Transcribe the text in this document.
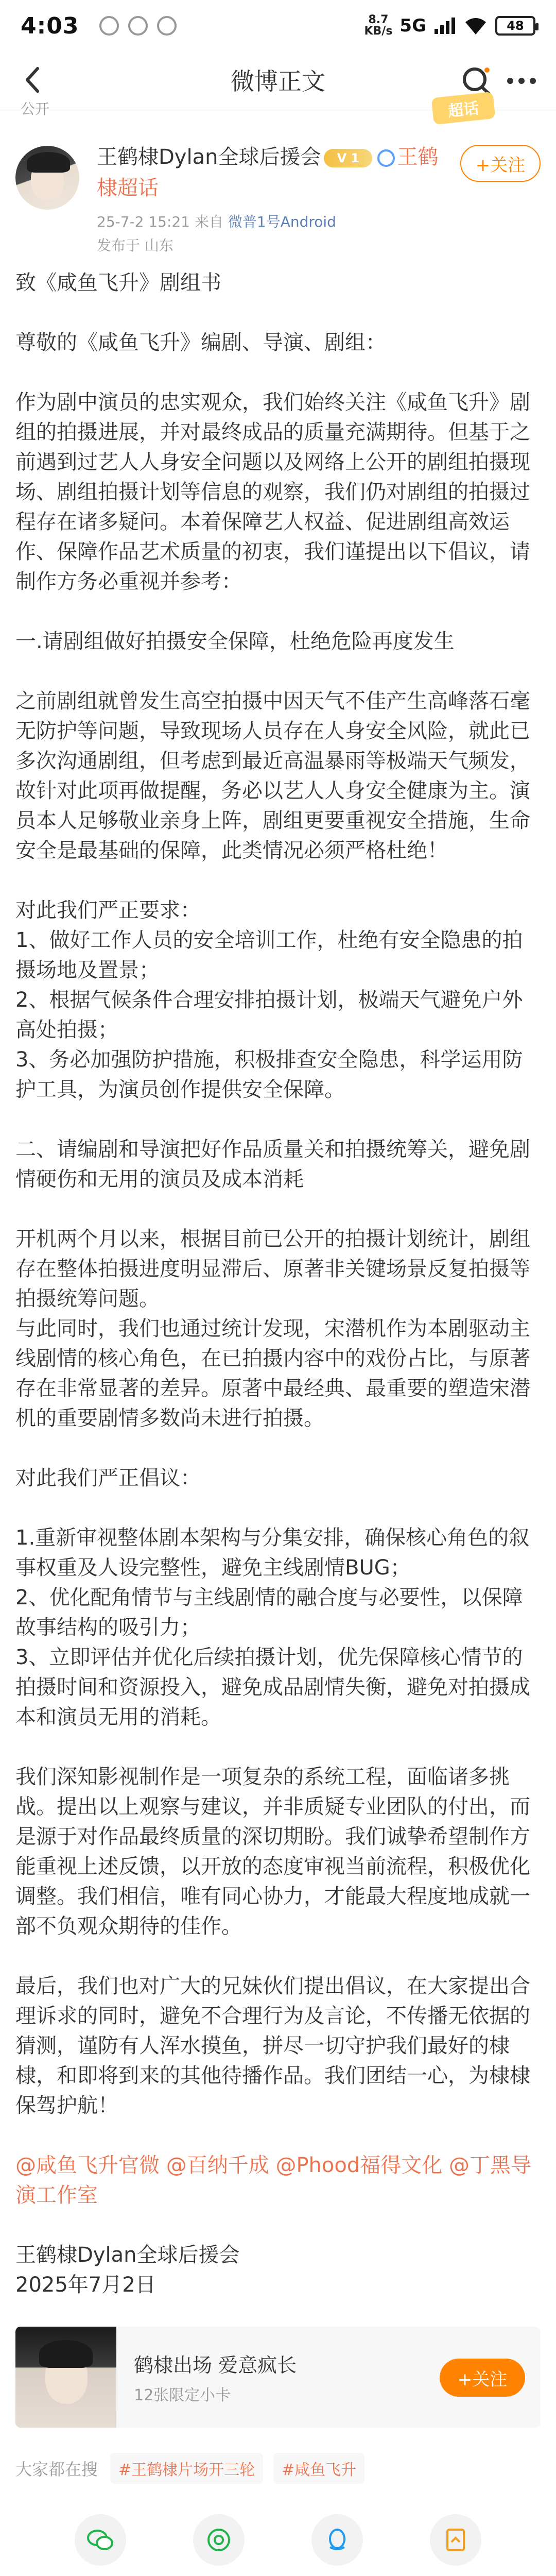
4:03	8.7
KB/s 5G	48
微博正文
公开	超话
王鹤棣Dylan全球后援会 V 1 王鹤
棣超话
25-7-2 15:21 来自 微普1号Android
发布于 山东
+关注

致《咸鱼飞升》剧组书

尊敬的《咸鱼飞升》编剧、导演、剧组：

作为剧中演员的忠实观众，我们始终关注《咸鱼飞升》剧组的拍摄进展，并对最终成品的质量充满期待。但基于之前遇到过艺人人身安全问题以及网络上公开的剧组拍摄现场、剧组拍摄计划等信息的观察，我们仍对剧组的拍摄过程存在诸多疑问。本着保障艺人权益、促进剧组高效运作、保障作品艺术质量的初衷，我们谨提出以下倡议，请制作方务必重视并参考：

一.请剧组做好拍摄安全保障，杜绝危险再度发生

之前剧组就曾发生高空拍摄中因天气不佳产生高峰落石毫无防护等问题，导致现场人员存在人身安全风险，就此已多次沟通剧组，但考虑到最近高温暴雨等极端天气频发，故针对此项再做提醒，务必以艺人人身安全健康为主。演员本人足够敬业亲身上阵，剧组更要重视安全措施，生命安全是最基础的保障，此类情况必须严格杜绝！

对此我们严正要求：

1、做好工作人员的安全培训工作，杜绝有安全隐患的拍摄场地及置景；

2、根据气候条件合理安排拍摄计划，极端天气避免户外高处拍摄；

3、务必加强防护措施，积极排查安全隐患，科学运用防护工具，为演员创作提供安全保障。

二、请编剧和导演把好作品质量关和拍摄统筹关，避免剧情硬伤和无用的演员及成本消耗

开机两个月以来，根据目前已公开的拍摄计划统计，剧组存在整体拍摄进度明显滞后、原著非关键场景反复拍摄等拍摄统筹问题。

与此同时，我们也通过统计发现，宋潜机作为本剧驱动主线剧情的核心角色，在已拍摄内容中的戏份占比，与原著存在非常显著的差异。原著中最经典、最重要的塑造宋潜机的重要剧情多数尚未进行拍摄。

对此我们严正倡议：

1.重新审视整体剧本架构与分集安排，确保核心角色的叙事权重及人设完整性，避免主线剧情BUG；

2、优化配角情节与主线剧情的融合度与必要性，以保障故事结构的吸引力；

3、立即评估并优化后续拍摄计划，优先保障核心情节的拍摄时间和资源投入，避免成品剧情失衡，避免对拍摄成本和演员无用的消耗。

我们深知影视制作是一项复杂的系统工程，面临诸多挑战。提出以上观察与建议，并非质疑专业团队的付出，而是源于对作品最终质量的深切期盼。我们诚挚希望制作方能重视上述反馈，以开放的态度审视当前流程，积极优化调整。我们相信，唯有同心协力，才能最大程度地成就一部不负观众期待的佳作。

最后，我们也对广大的兄妹伙们提出倡议，在大家提出合理诉求的同时，避免不合理行为及言论，不传播无依据的猜测，谨防有人浑水摸鱼，拼尽一切守护我们最好的棣棣，和即将到来的其他待播作品。我们团结一心，为棣棣保驾护航！

@咸鱼飞升官微 @百纳千成 @Phood福得文化 @丁黑导演工作室

王鹤棣Dylan全球后援会

2025年7月2日

鹤棣出场 爱意疯长
12张限定小卡
+关注
大家都在搜	#王鹤棣片场开三轮	#咸鱼飞升
